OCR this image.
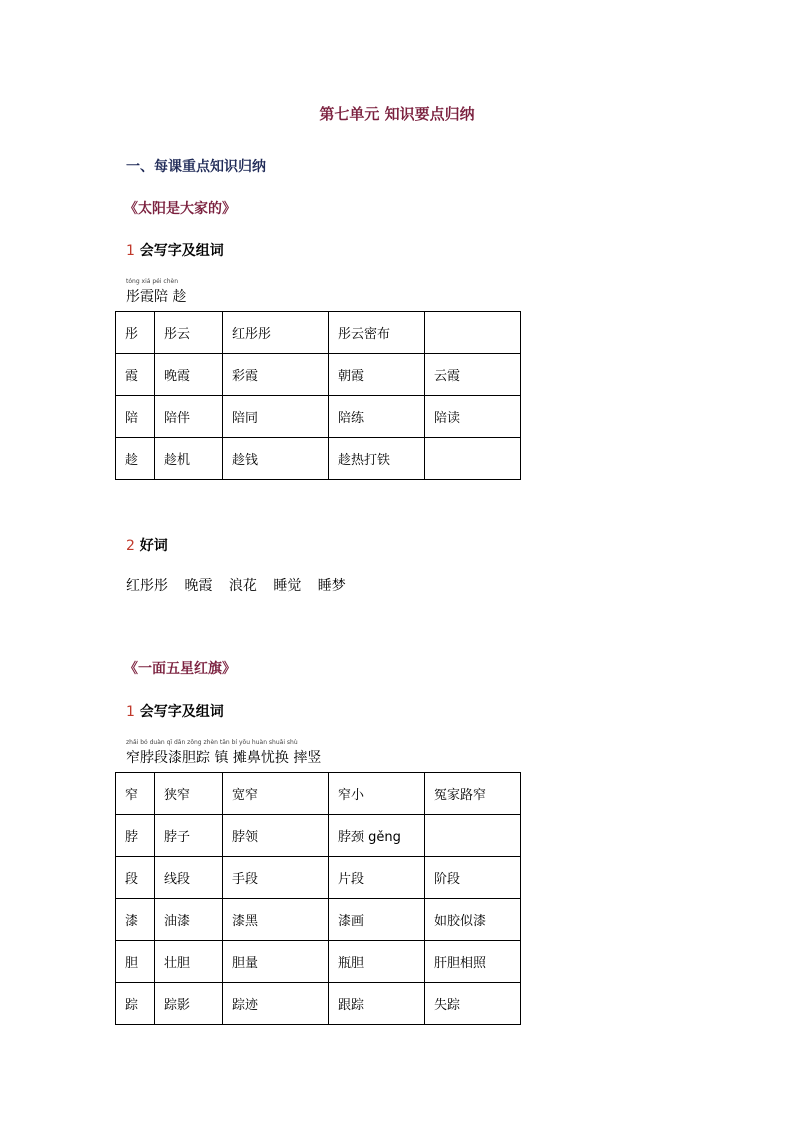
第七单元 知识要点归纳
一、每课重点知识归纳
《太阳是大家的》
1 会写字及组词
tóng xiá péi chèn
彤霞陪 趁
彤	彤云	红彤彤	彤云密布	
霞	晚霞	彩霞	朝霞	云霞
陪	陪伴	陪同	陪练	陪读
趁	趁机	趁钱	趁热打铁	
2 好词
红彤彤 晚霞 浪花 睡觉 睡梦
《一面五星红旗》
1 会写字及组词
zhǎi bó duàn qī dǎn zōng zhèn tān bí yōu huàn shuǎi shù
窄脖段漆胆踪 镇 摊鼻忧换 摔竖
窄	狭窄	宽窄	窄小	冤家路窄
脖	脖子	脖领	脖颈 gěng	
段	线段	手段	片段	阶段
漆	油漆	漆黑	漆画	如胶似漆
胆	壮胆	胆量	瓶胆	肝胆相照
踪	踪影	踪迹	跟踪	失踪
